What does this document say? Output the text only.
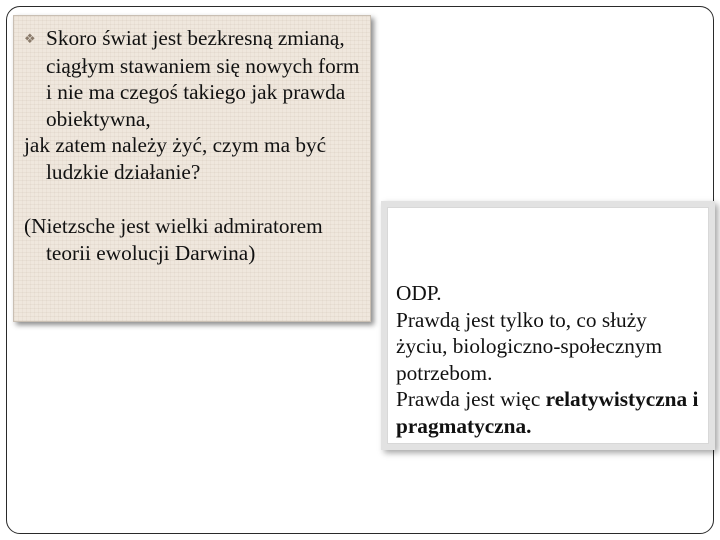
❖ Skoro świat jest bezkresną zmianą, ciągłym stawaniem się nowych form i nie ma czegoś takiego jak prawda obiektywna,

jak zatem należy żyć, czym ma być ludzkie działanie?

(Nietzsche jest wielki admiratorem teorii ewolucji Darwina)

ODP.

Prawdą jest tylko to, co służy życiu, biologiczno-społecznym potrzebom.

Prawda jest więc relatywistyczna i pragmatyczna.
